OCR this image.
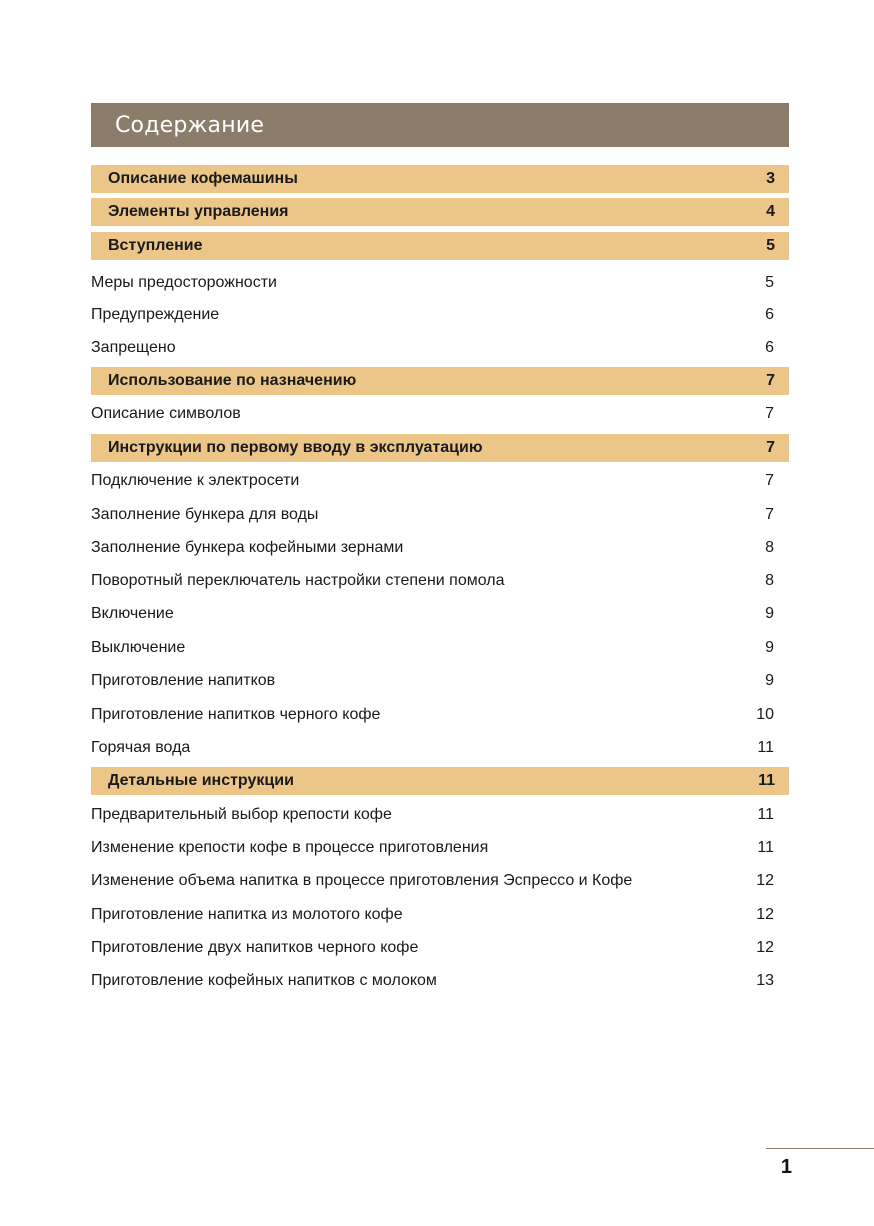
Содержание
Описание кофемашины	3
Элементы управления	4
Вступление	5
Меры предосторожности	5
Предупреждение	6
Запрещено	6
Использование по назначению	7
Описание символов	7
Инструкции по первому вводу в эксплуатацию	7
Подключение к электросети	7
Заполнение бункера для воды	7
Заполнение бункера кофейными зернами	8
Поворотный переключатель настройки степени помола	8
Включение	9
Выключение	9
Приготовление напитков	9
Приготовление напитков черного кофе	10
Горячая вода	11
Детальные инструкции	11
Предварительный выбор крепости кофе	11
Изменение крепости кофе в процессе приготовления	11
Изменение объема напитка в процессе приготовления Эспрессо и Кофе	12
Приготовление напитка из молотого кофе	12
Приготовление двух напитков черного кофе	12
Приготовление кофейных напитков с молоком	13
1
